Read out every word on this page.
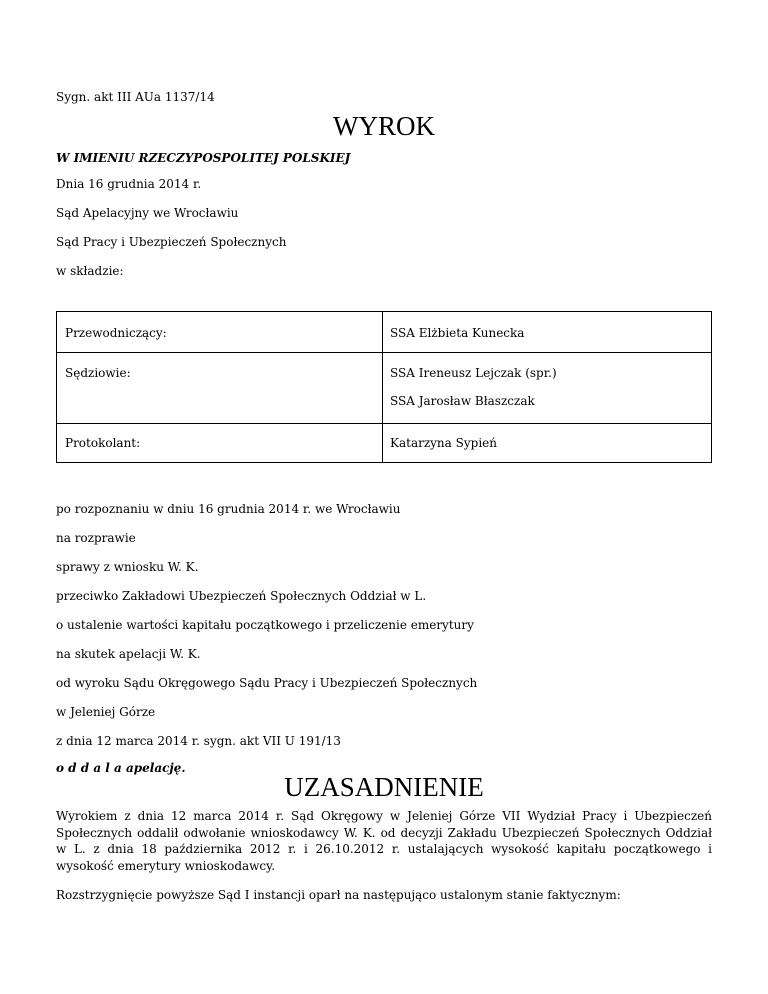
Sygn. akt III AUa 1137/14
WYROK
W IMIENIU RZECZYPOSPOLITEJ POLSKIEJ
Dnia 16 grudnia 2014 r.
Sąd Apelacyjny we Wrocławiu
Sąd Pracy i Ubezpieczeń Społecznych
w składzie:
Przewodniczący:	SSA Elżbieta Kunecka
Sędziowie:	SSA Ireneusz Lejczak (spr.)
SSA Jarosław Błaszczak
Protokolant:	Katarzyna Sypień
po rozpoznaniu w dniu 16 grudnia 2014 r. we Wrocławiu
na rozprawie
sprawy z wniosku W. K.
przeciwko Zakładowi Ubezpieczeń Społecznych Oddział w L.
o ustalenie wartości kapitału początkowego i przeliczenie emerytury
na skutek apelacji W. K.
od wyroku Sądu Okręgowego Sądu Pracy i Ubezpieczeń Społecznych
w Jeleniej Górze
z dnia 12 marca 2014 r. sygn. akt VII U 191/13
o d d a l a apelację.
UZASADNIENIE
Wyrokiem z dnia 12 marca 2014 r. Sąd Okręgowy w Jeleniej Górze VII Wydział Pracy i Ubezpieczeń Społecznych oddalił odwołanie wnioskodawcy W. K. od decyzji Zakładu Ubezpieczeń Społecznych Oddział w L. z dnia 18 października 2012 r. i 26.10.2012 r. ustalających wysokość kapitału początkowego i wysokość emerytury wnioskodawcy.
Rozstrzygnięcie powyższe Sąd I instancji oparł na następująco ustalonym stanie faktycznym:
